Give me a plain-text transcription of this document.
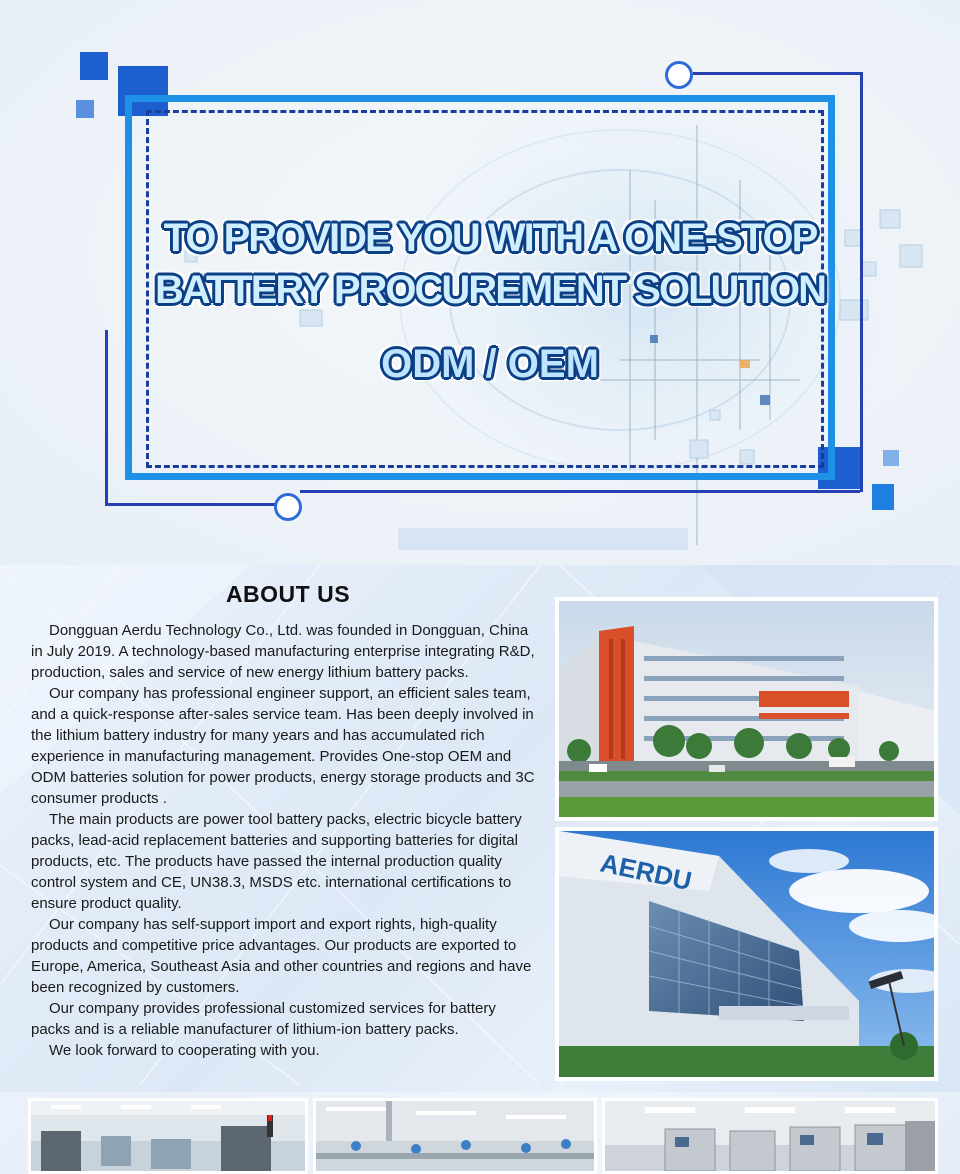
TO PROVIDE YOU WITH A ONE-STOP
BATTERY PROCUREMENT SOLUTION
ODM / OEM
ABOUT US

Dongguan Aerdu Technology Co., Ltd. was founded in Dongguan, China in July 2019. A technology-based manufacturing enterprise integrating R&D, production, sales and service of new energy lithium battery packs.

Our company has professional engineer support, an efficient sales team, and a quick-response after-sales service team. Has been deeply involved in the lithium battery industry for many years and has accumulated rich experience in manufacturing management. Provides One-stop OEM and ODM batteries solution for power products, energy storage products and 3C consumer products .

The main products are power tool battery packs, electric bicycle battery packs, lead-acid replacement batteries and supporting batteries for digital products, etc. The products have passed the internal production quality control system and CE, UN38.3, MSDS etc. international certifications to ensure product quality.

Our company has self-support import and export rights, high-quality products and competitive price advantages. Our products are exported to Europe, America, Southeast Asia and other countries and regions and have been recognized by customers.

Our company provides professional customized services for battery packs and is a reliable manufacturer of lithium-ion battery packs.

We look forward to cooperating with you.

AERDU
